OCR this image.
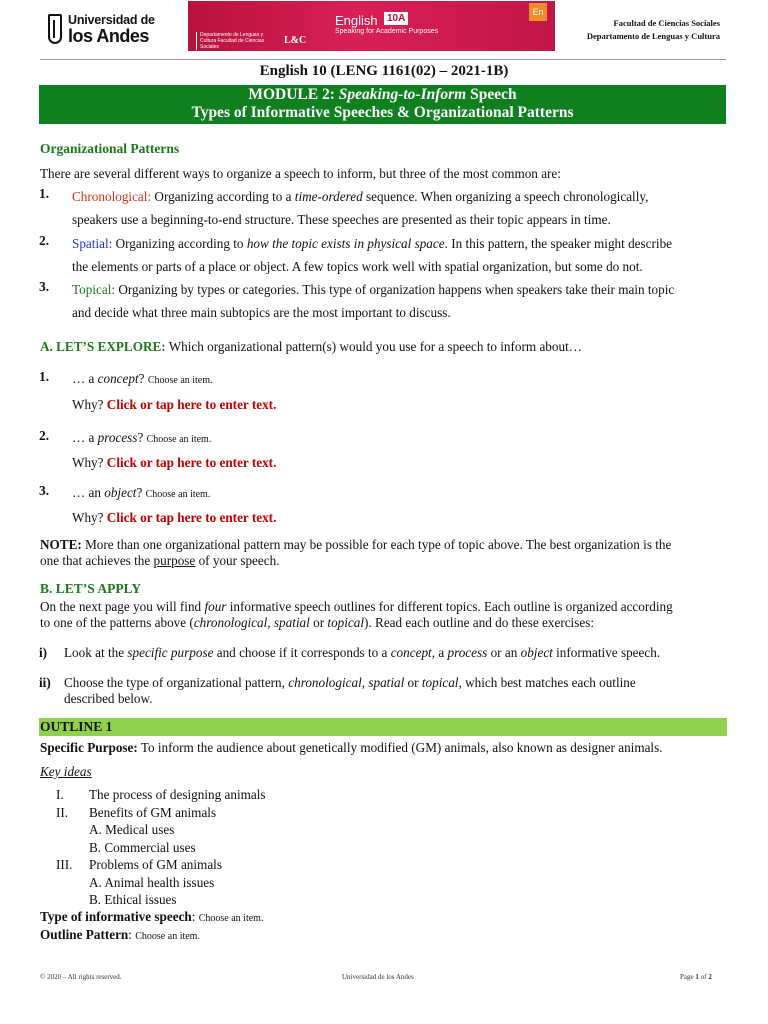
Universidad de
los Andes	Departamento de Lenguas y Cultura Facultad de Ciencias Sociales
L&C
English 10A
Speaking for Academic Purposes
En
Facultad de Ciencias Sociales
Departamento de Lenguas y Cultura
English 10 (LENG 1161(02) – 2021-1B)
MODULE 2: Speaking-to-Inform Speech
Types of Informative Speeches & Organizational Patterns
Organizational Patterns
There are several different ways to organize a speech to inform, but three of the most common are:
1. Chronological: Organizing according to a time-ordered sequence. When organizing a speech chronologically,
speakers use a beginning-to-end structure. These speeches are presented as their topic appears in time.
2. Spatial: Organizing according to how the topic exists in physical space. In this pattern, the speaker might describe
the elements or parts of a place or object. A few topics work well with spatial organization, but some do not.
3. Topical: Organizing by types or categories. This type of organization happens when speakers take their main topic
and decide what three main subtopics are the most important to discuss.
A. LET’S EXPLORE: Which organizational pattern(s) would you use for a speech to inform about…
1. … a concept? Choose an item.
Why? Click or tap here to enter text.
2. … a process? Choose an item.
Why? Click or tap here to enter text.
3. … an object? Choose an item.
Why? Click or tap here to enter text.
NOTE: More than one organizational pattern may be possible for each type of topic above. The best organization is the
one that achieves the purpose of your speech.
B. LET’S APPLY
On the next page you will find four informative speech outlines for different topics. Each outline is organized according
to one of the patterns above (chronological, spatial or topical). Read each outline and do these exercises:
i) Look at the specific purpose and choose if it corresponds to a concept, a process or an object informative speech.
ii) Choose the type of organizational pattern, chronological, spatial or topical, which best matches each outline
described below.
OUTLINE 1
Specific Purpose: To inform the audience about genetically modified (GM) animals, also known as designer animals.
Key ideas
I. The process of designing animals
II. Benefits of GM animals
A. Medical uses
B. Commercial uses
III. Problems of GM animals
A. Animal health issues
B. Ethical issues
Type of informative speech: Choose an item.
Outline Pattern: Choose an item.
© 2020 – All rights reserved.	Universidad de los Andes	Page 1 of 2
